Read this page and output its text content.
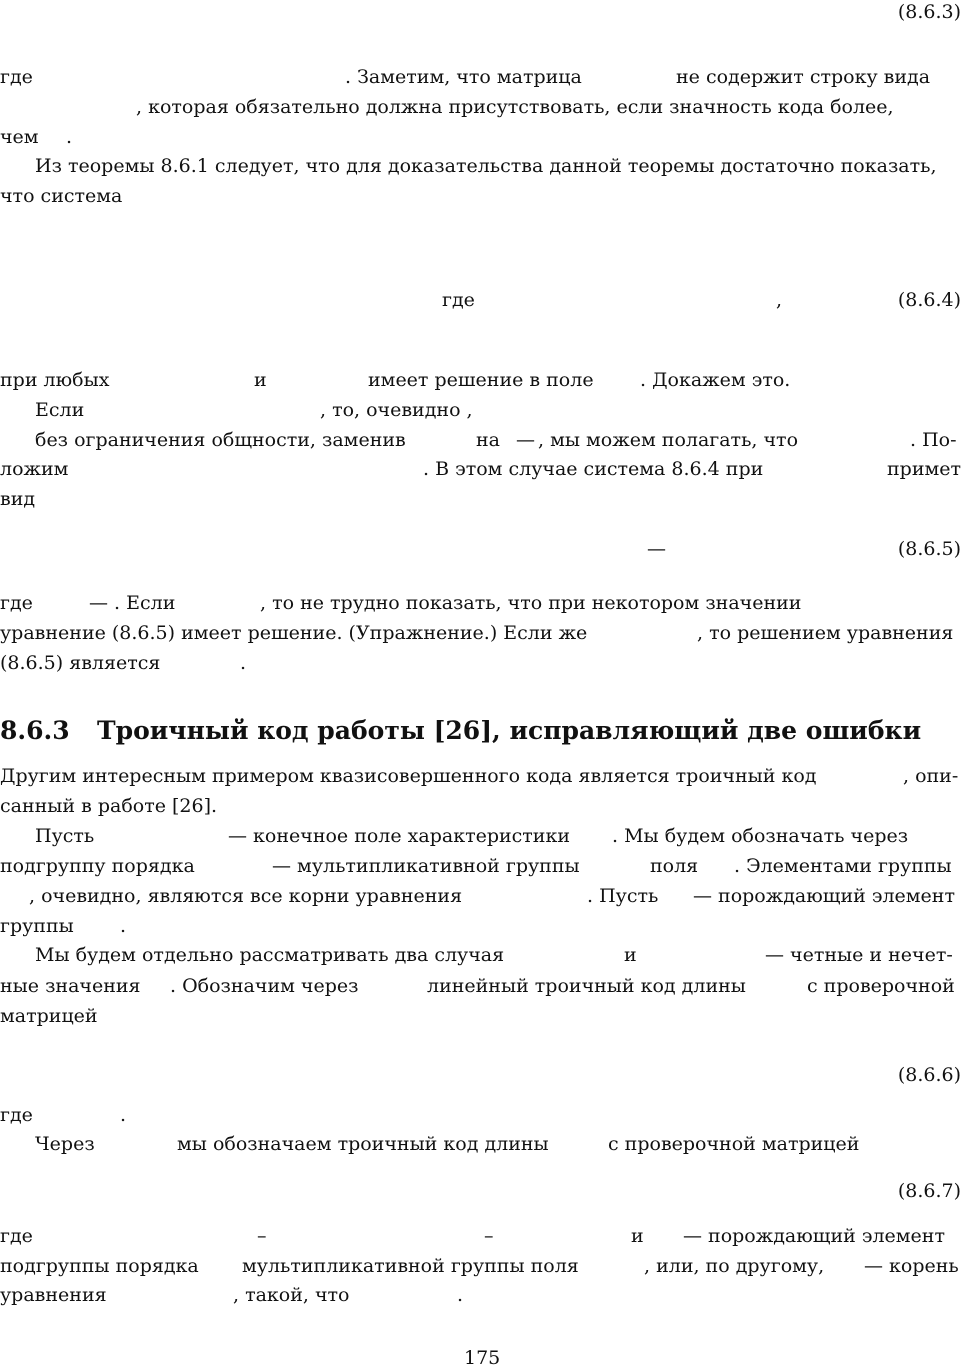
(8.6.3)

где	. Заметим, что матрица	не содержит строку вида

, которая обязательно должна присутствовать, если значность кода более,

чем .

Из теоремы 8.6.1 следует, что для доказательства данной теоремы достаточно показать,

что система

где	,	(8.6.4)

при любых	и	имеет решение в поле . Докажем это.

Если	, то, очевидно ,

без ограничения общности, заменив	на — , мы можем полагать, что	. По-

ложим	. В этом случае система 8.6.4 при	примет

вид

—	(8.6.5)

где	— . Если	, то не трудно показать, что при некотором значении

уравнение (8.6.5) имеет решение. (Упражнение.) Если же	, то решением уравнения

(8.6.5) является	.

8.6.3 Троичный код работы [26], исправляющий две ошибки

Другим интересным примером квазисовершенного кода является троичный код	, опи-

санный в работе [26].

Пусть	— конечное поле характеристики . Мы будем обозначать через

подгруппу порядка	— мультипликативной группы	поля . Элементами группы

, очевидно, являются все корни уравнения	. Пусть — порождающий элемент

группы .

Мы будем отдельно рассматривать два случая	и	— четные и нечет-

ные значения . Обозначим через	линейный троичный код длины	с проверочной

матрицей

(8.6.6)

где	.

Через	мы обозначаем троичный код длины	с проверочной матрицей

(8.6.7)

где	–	–	и — порождающий элемент

подгруппы порядка мультипликативной группы поля	, или, по другому, — корень

уравнения	, такой, что	.

175
